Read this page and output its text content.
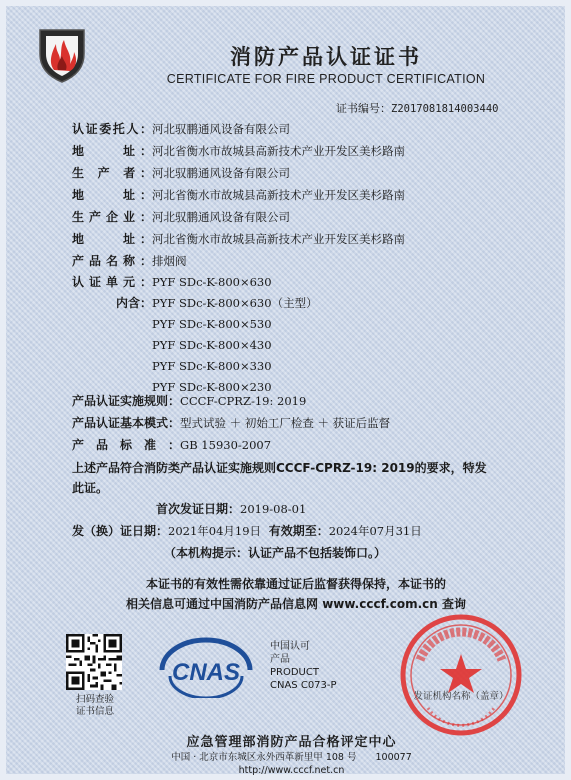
消防产品认证证书
CERTIFICATE FOR FIRE PRODUCT CERTIFICATION
证书编号：Z2017081814003440
认证委托人：河北驭鹏通风设备有限公司
地　　址：河北省衡水市故城县高新技术产业开发区美杉路南
生 产 者：河北驭鹏通风设备有限公司
地　　址：河北省衡水市故城县高新技术产业开发区美杉路南
生产企业：河北驭鹏通风设备有限公司
地　　址：河北省衡水市故城县高新技术产业开发区美杉路南
产品名称：排烟阀
认证单元：PYF SDc-K-800×630
内含：PYF SDc-K-800×630（主型）
PYF SDc-K-800×530
PYF SDc-K-800×430
PYF SDc-K-800×330
PYF SDc-K-800×230
产品认证实施规则：CCCF-CPRZ-19: 2019
产品认证基本模式：型式试验 ＋ 初始工厂检查 ＋ 获证后监督
产　品　标　准　：GB 15930-2007
上述产品符合消防类产品认证实施规则CCCF-CPRZ-19: 2019的要求，特发
此证。
首次发证日期：2019-08-01
发（换）证日期：2021年04月19日 有效期至：2024年07月31日
（本机构提示：认证产品不包括装饰口。）
本证书的有效性需依靠通过证后监督获得保持，本证书的
相关信息可通过中国消防产品信息网 www.cccf.com.cn 查询
扫码查验
证书信息
CNAS
中国认可
产品
PRODUCT
CNAS C073-P
发证机构名称（盖章）
应急管理部消防产品合格评定中心
中国 · 北京市东城区永外西革新里甲 108 号　　100077
http://www.cccf.net.cn
